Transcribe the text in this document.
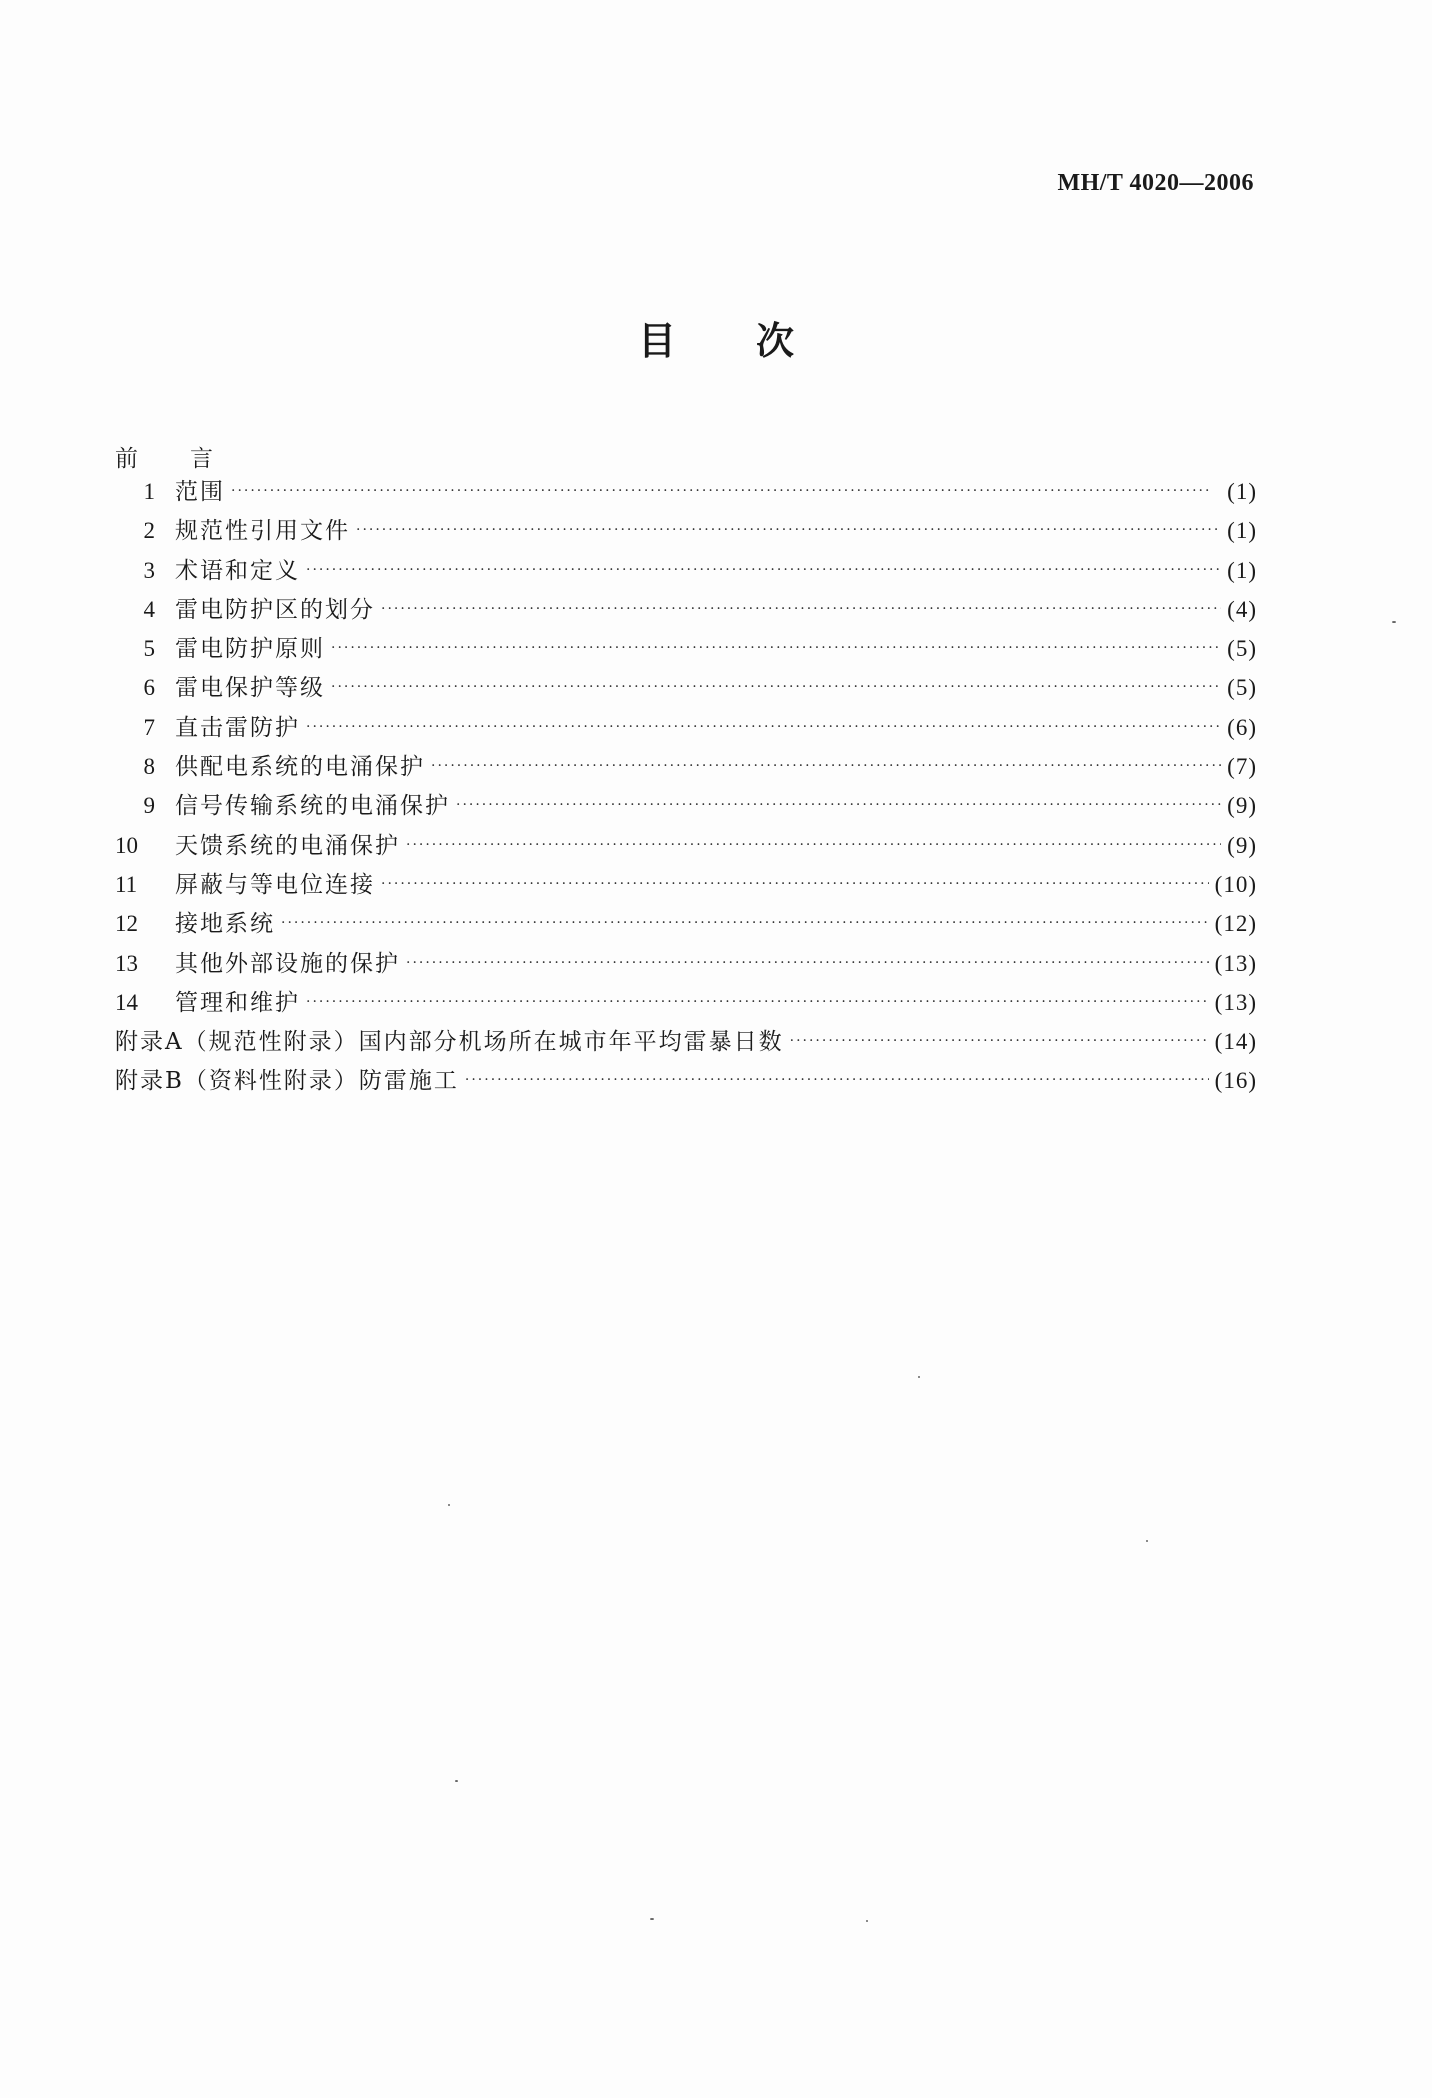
MH/T 4020—2006
目 次
前 言
1 范围 ·····	(1)
2 规范性引用文件 ·····	(1)
3 术语和定义 ·····	(1)
4 雷电防护区的划分 ·····	(4)
5 雷电防护原则 ·····	(5)
6 雷电保护等级 ·····	(5)
7 直击雷防护 ·····	(6)
8 供配电系统的电涌保护 ·····	(7)
9 信号传输系统的电涌保护 ·····	(9)
10	天馈系统的电涌保护 ·····	(9)
11	屏蔽与等电位连接 ·····	(10)
12	接地系统 ·····	(12)
13	其他外部设施的保护 ·····	(13)
14	管理和维护 ·····	(13)
附录A（规范性附录）国内部分机场所在城市年平均雷暴日数 ·····	(14)
附录B（资料性附录）防雷施工 ·····	(16)
